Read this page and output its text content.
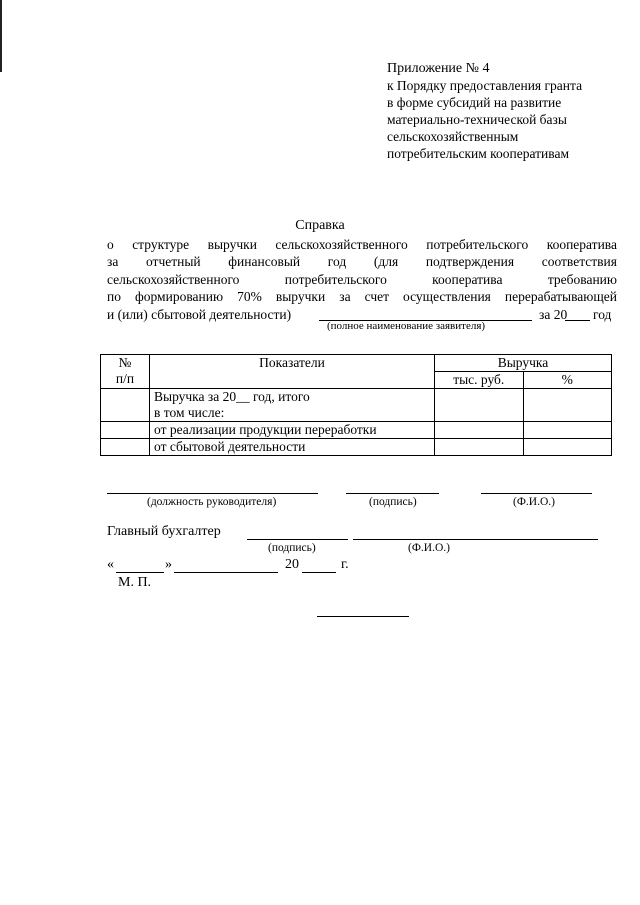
Приложение № 4
к Порядку предоставления гранта
в форме субсидий на развитие
материально-технической базы
сельскохозяйственным
потребительским кооперативам
Справка
о структуре выручки сельскохозяйственного потребительского кооператива
за отчетный финансовый год (для подтверждения соответствия
сельскохозяйственного потребительского кооператива требованию
по формированию 70% выручки за счет осуществления перерабатывающей
и (или) сбытовой деятельности)	за 20 год
(полное наименование заявителя)
№
п/п	Показатели	Выручка	
		тыс. руб.	%

	Выручка за 20__ год, итого
в том числе:		

	от реализации продукции переработки		
	от сбытовой деятельности		
(должность руководителя)	(подпись)	(Ф.И.О.)
Главный бухгалтер
(подпись)	(Ф.И.О.)
«	»	20	г.
М. П.
